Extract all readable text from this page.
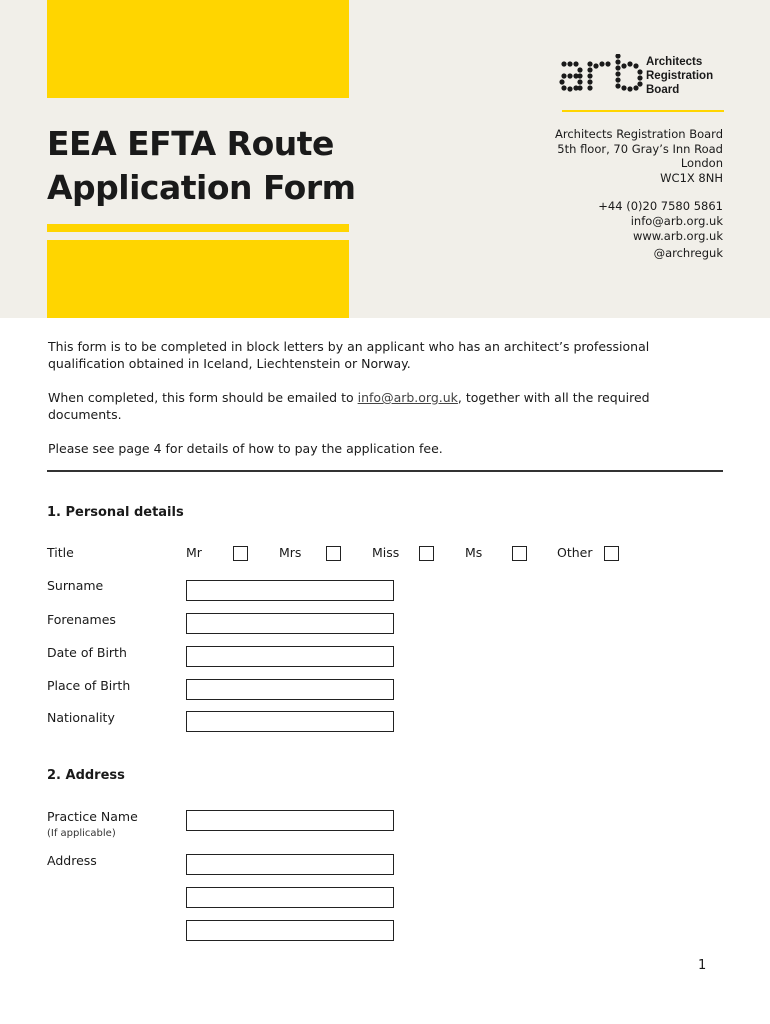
EEA EFTA Route
Application Form
Architects
Registration
Board
Architects Registration Board
5th floor, 70 Gray’s Inn Road
London
WC1X 8NH
+44 (0)20 7580 5861
info@arb.org.uk
www.arb.org.uk
@archreguk

This form is to be completed in block letters by an applicant who has an architect’s professional qualification obtained in Iceland, Liechtenstein or Norway.

When completed, this form should be emailed to info@arb.org.uk, together with all the required documents.

Please see page 4 for details of how to pay the application fee.

1. Personal details
Title	Mr	Mrs	Miss	Ms	Other
Surname
Forenames
Date of Birth
Place of Birth
Nationality
2. Address
Practice Name
(If applicable)
Address
1
